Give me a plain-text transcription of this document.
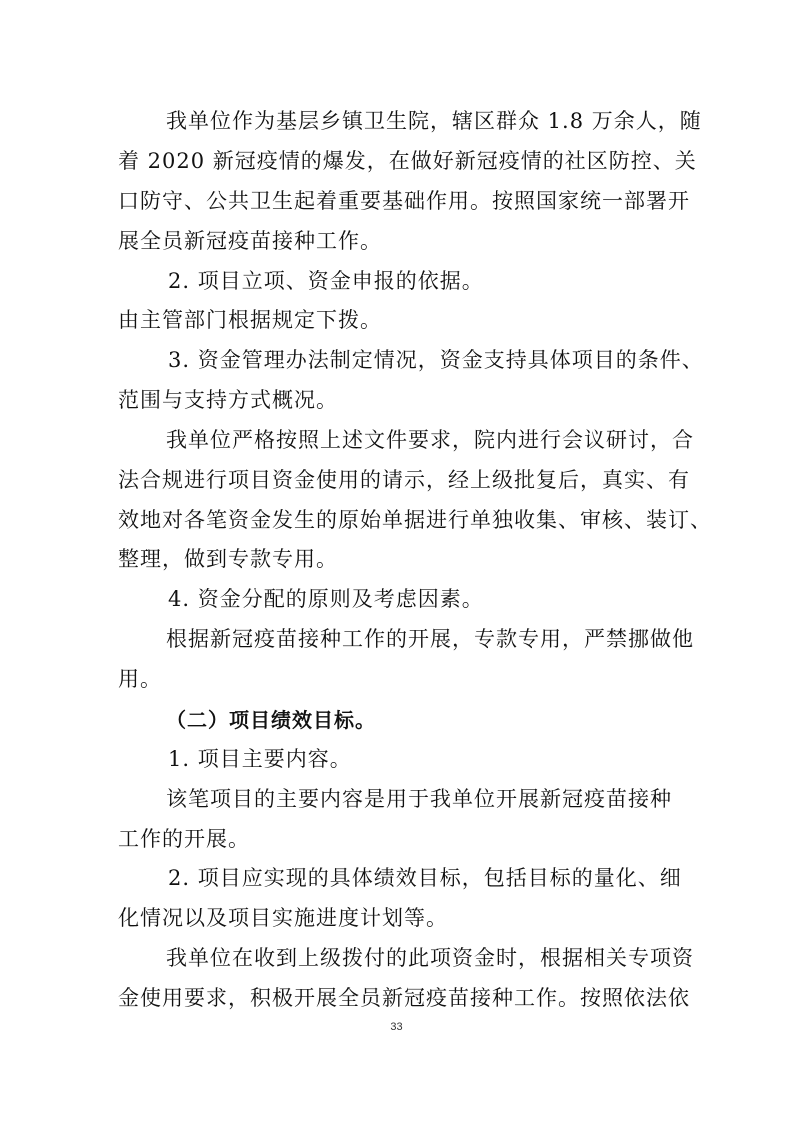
我单位作为基层乡镇卫生院，辖区群众 1.8 万余人，随

着 2020 新冠疫情的爆发，在做好新冠疫情的社区防控、关

口防守、公共卫生起着重要基础作用。按照国家统一部署开

展全员新冠疫苗接种工作。

2. 项目立项、资金申报的依据。

由主管部门根据规定下拨。

3. 资金管理办法制定情况，资金支持具体项目的条件、

范围与支持方式概况。

我单位严格按照上述文件要求，院内进行会议研讨，合

法合规进行项目资金使用的请示，经上级批复后，真实、有

效地对各笔资金发生的原始单据进行单独收集、审核、装订、

整理，做到专款专用。

4. 资金分配的原则及考虑因素。

根据新冠疫苗接种工作的开展，专款专用，严禁挪做他

用。

（二）项目绩效目标。

1. 项目主要内容。

该笔项目的主要内容是用于我单位开展新冠疫苗接种

工作的开展。

2. 项目应实现的具体绩效目标，包括目标的量化、细

化情况以及项目实施进度计划等。

我单位在收到上级拨付的此项资金时，根据相关专项资

金使用要求，积极开展全员新冠疫苗接种工作。按照依法依

33
